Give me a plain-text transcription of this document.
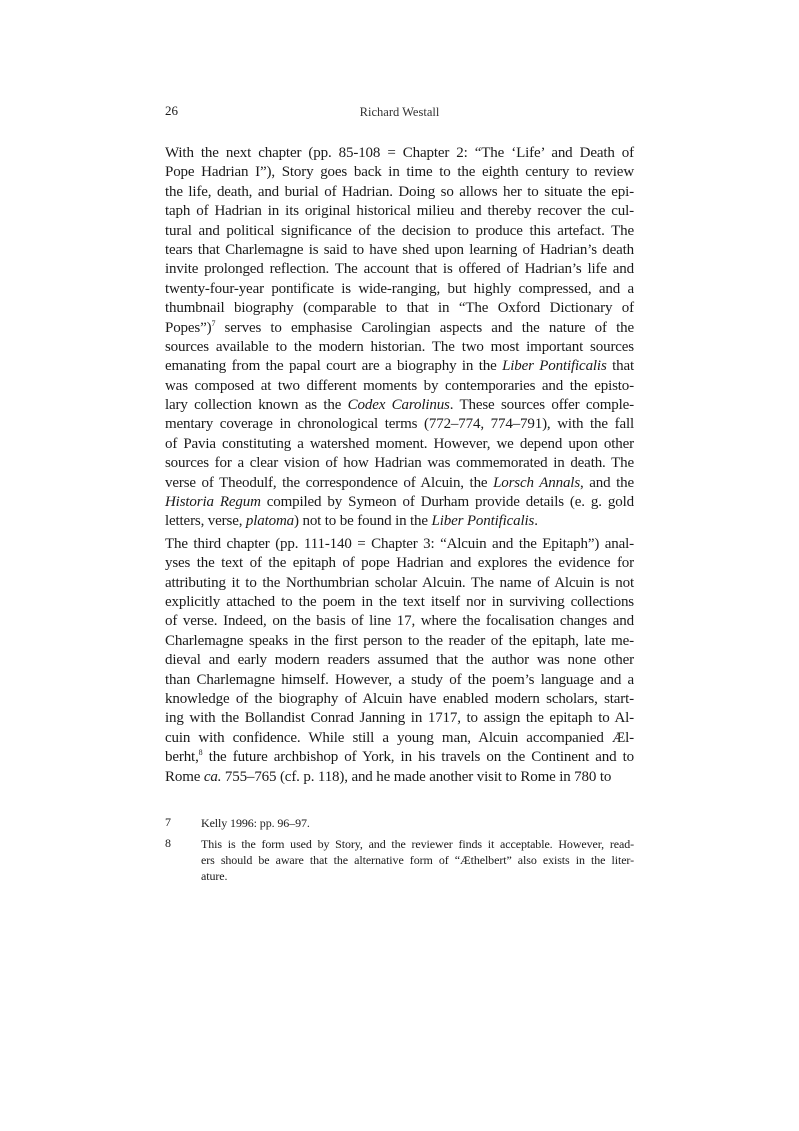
26	Richard Westall
With the next chapter (pp. 85-108 = Chapter 2: “The ‘Life’ and Death of
Pope Hadrian I”), Story goes back in time to the eighth century to review
the life, death, and burial of Hadrian. Doing so allows her to situate the epi-
taph of Hadrian in its original historical milieu and thereby recover the cul-
tural and political significance of the decision to produce this artefact. The
tears that Charlemagne is said to have shed upon learning of Hadrian’s death
invite prolonged reflection. The account that is offered of Hadrian’s life and
twenty-four-year pontificate is wide-ranging, but highly compressed, and a
thumbnail biography (comparable to that in “The Oxford Dictionary of
Popes”)$^7$ serves to emphasise Carolingian aspects and the nature of the
sources available to the modern historian. The two most important sources
emanating from the papal court are a biography in the Liber Pontificalis that
was composed at two different moments by contemporaries and the episto-
lary collection known as the Codex Carolinus. These sources offer comple-
mentary coverage in chronological terms (772–774, 774–791), with the fall
of Pavia constituting a watershed moment. However, we depend upon other
sources for a clear vision of how Hadrian was commemorated in death. The
verse of Theodulf, the correspondence of Alcuin, the Lorsch Annals, and the
Historia Regum compiled by Symeon of Durham provide details (e. g. gold
letters, verse, platoma) not to be found in the Liber Pontificalis.
The third chapter (pp. 111-140 = Chapter 3: “Alcuin and the Epitaph”) anal-
yses the text of the epitaph of pope Hadrian and explores the evidence for
attributing it to the Northumbrian scholar Alcuin. The name of Alcuin is not
explicitly attached to the poem in the text itself nor in surviving collections
of verse. Indeed, on the basis of line 17, where the focalisation changes and
Charlemagne speaks in the first person to the reader of the epitaph, late me-
dieval and early modern readers assumed that the author was none other
than Charlemagne himself. However, a study of the poem’s language and a
knowledge of the biography of Alcuin have enabled modern scholars, start-
ing with the Bollandist Conrad Janning in 1717, to assign the epitaph to Al-
cuin with confidence. While still a young man, Alcuin accompanied Æl-
berht,$^8$ the future archbishop of York, in his travels on the Continent and to
Rome ca. 755–765 (cf. p. 118), and he made another visit to Rome in 780 to
7	Kelly 1996: pp. 96–97.
8	This is the form used by Story, and the reviewer finds it acceptable. However, read-
ers should be aware that the alternative form of “Æthelbert” also exists in the liter-
ature.
